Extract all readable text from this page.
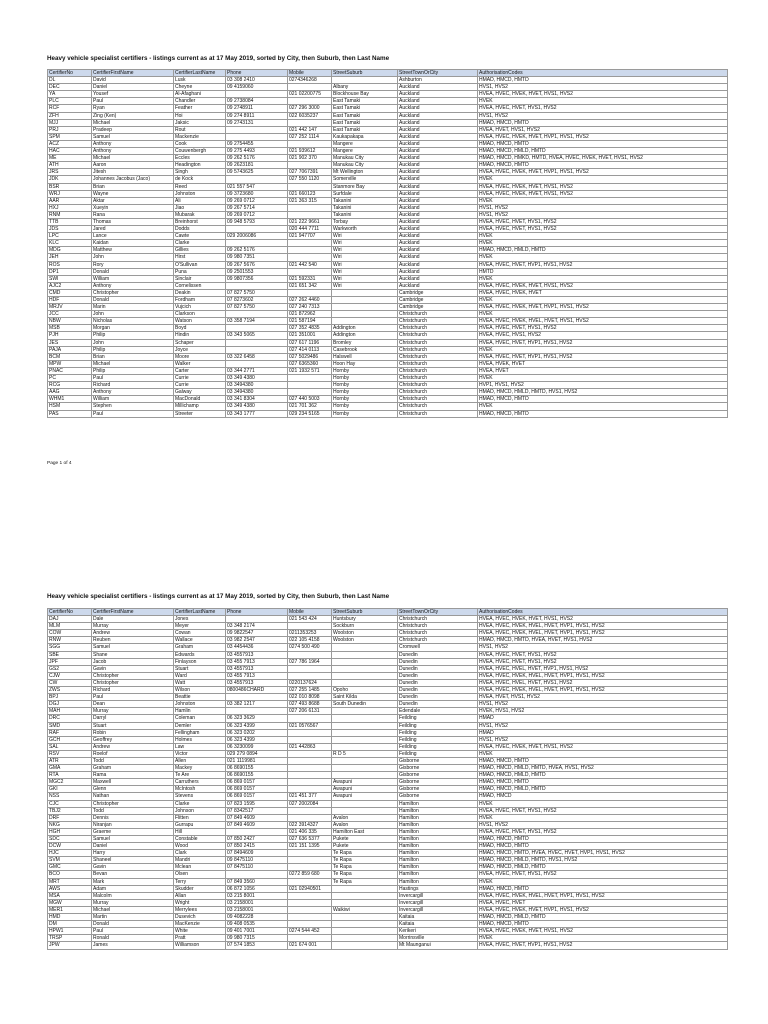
Heavy vehicle specialist certifiers - listings current as at 17 May 2019, sorted by City, then Suburb, then Last Name
CertifierNo	CertifierFirstName	CertifierLastName	Phone	Mobile	StreetSuburb	StreetTownOrCity	AuthorisationCodes
DL	David	Lusk	03 308 2410	0274346268		Ashburton	HMAD, HMCD, HMTD
DEC	Daniel	Cheyne	09 4159060		Albany	Auckland	HVS1, HVS2
YA	Yousef	Al-Afaghani		021 02200775	Blockhouse Bay	Auckland	HVEA, HVEC, HVEK, HVET, HVS1, HVS2
PLC	Paul	Chandler	09 2738084		East Tamaki	Auckland	HVEK
RCF	Ryan	Feather	09 2748911	027 296 3000	East Tamaki	Auckland	HVEA, HVEC, HVET, HVS1, HVS2
ZFH	Zing (Ken)	Hoi	09 274 8911	022 6035237	East Tamaki	Auckland	HVS1, HVS2
MJJ	Michael	Jaksic	09 2743131		East Tamaki	Auckland	HMAD, HMCD, HMTD
PRJ	Pradeep	Rout		021 442 147	East Tamaki	Auckland	HVEA, HVET, HVS1, HVS2
SPM	Samuel	Mackenzie		027 252 1114	Kaukapakapa	Auckland	HVEA, HVEC, HVEK, HVET, HVP1, HVS1, HVS2
ACZ	Anthony	Cook	09 2754455		Mangere	Auckland	HMAD, HMCD, HMTD
HAC	Anthony	Couwenbergh	09 275 4493	021 939612	Mangere	Auckland	HMAD, HMCD, HMLD, HMTD
ME	Michael	Eccles	09 262 5176	021 902 370	Manukau City	Auckland	HMAD, HMCD, HMKD, HMTD, HVEA, HVEC, HVEK, HVET, HVS1, HVS2
ATH	Aaron	Headington	09 2623181		Manukau City	Auckland	HMAD, HMCD, HMTD
JRS	Jitesh	Singh	09 5743625	027 7067391	Mt Wellington	Auckland	HVEA, HVEC, HVEK, HVET, HVP1, HVS1, HVS2
JDK	Johannes Jacobus (Jaco)	de Kock		027 550 1120	Somerville	Auckland	HVEK
BSR	Brian	Reed	021 557 547		Stanmore Bay	Auckland	HVEA, HVEC, HVEK, HVET, HVS1, HVS2
WRJ	Wayne	Johnston	09 3723680	021 660123	Surfdale	Auckland	HVEA, HVEC, HVEK, HVET, HVS1, HVS2
AAR	Aktar	Ali	09 269 0712	021 363 315	Takanini	Auckland	HVEK
HXJ	Xueyin	Jiao	09 267 5714		Takanini	Auckland	HVS1, HVS2
RNM	Rana	Mubarak	09 269 0712		Takanini	Auckland	HVS1, HVS2
TTB	Thomas	Breinhorst	09 948 5793	021 222 9661	Torbay	Auckland	HVEA, HVEC, HVET, HVS1, HVS2
JDS	Jared	Dodds		020 444 7711	Warkworth	Auckland	HVEA, HVEC, HVET, HVS1, HVS2
LPC	Lance	Cawte	029 2006086	021 947707	Wiri	Auckland	HVEK
KLC	Kaidan	Clarke			Wiri	Auckland	HVEK
MDG	Matthew	Gillies	09 262 5176		Wiri	Auckland	HMAD, HMCD, HMLD, HMTD
JEH	John	Hirst	09 980 7351		Wiri	Auckland	HVEK
ROS	Rory	O'Sullivan	09 267 5676	021 442 540	Wiri	Auckland	HVEA, HVEC, HVET, HVP1, HVS1, HVS2
DP1	Donald	Puna	09 2501553		Wiri	Auckland	HMTD
SWI	William	Sinclair	09 9807356	021 592331	Wiri	Auckland	HVEK
AJC2	Anthony	Cornelissen		021 651 342	Wiri	Auckland	HVEA, HVEC, HVEK, HVET, HVS1, HVS2
CMD	Christopher	Deakin	07 827 5750			Cambridge	HVEA, HVEC, HVEK, HVET
HDF	Donald	Fordham	07 8273602	027 262 4460		Cambridge	HVEK
MRJV	Marin	Vujcich	07 827 5750	027 240 7313		Cambridge	HVEA, HVEC, HVEK, HVET, HVP1, HVS1, HVS2
JCC	John	Clarkson		021 872962		Christchurch	HVEK
NBW	Nicholas	Watson	03 358 7194	021 587194		Christchurch	HVEA, HVEC, HVEK, HVEL, HVET, HVS1, HVS2
MSB	Morgan	Boyd		027 352 4835	Addington	Christchurch	HVEA, HVEC, HVET, HVS1, HVS2
PJH	Philip	Hindin	03 343 5065	021 351001	Addington	Christchurch	HVEA, HVEC, HVS1, HVS2
JES	John	Schaper		027 617 1196	Bromley	Christchurch	HVEA, HVEC, HVET, HVP1, HVS1, HVS2
PAJA	Philip	Joyce		027 414 0113	Casebrook	Christchurch	HVEK
BCM	Brian	Moore	03 322 6458	027 5029486	Halswell	Christchurch	HVEA, HVEC, HVET, HVP1, HVS1, HVS2
MPW	Michael	Walker		027 6365360	Hoon Hay	Christchurch	HVEA, HVEK, HVET
PNAC	Philip	Carter	03 344 2771	021 1932 571	Hornby	Christchurch	HVEA, HVET
PC	Paul	Currie	03 349 4380		Hornby	Christchurch	HVEK
RCG	Richard	Currie	03 3494380		Hornby	Christchurch	HVP1, HVS1, HVS2
AAG	Anthony	Galway	03 3494380		Hornby	Christchurch	HMAD, HMCD, HMLD, HMTD, HVS1, HVS2
WHM1	William	MacDonald	03 341 8304	027 440 5003	Hornby	Christchurch	HMAD, HMCD, HMTD
HSM	Stephen	Millichamp	03 349 4380	021 701 362	Hornby	Christchurch	HVEK
PAS	Paul	Streeter	03 343 1777	029 234 5165	Hornby	Christchurch	HMAD, HMCD, HMTD
Page 1 of 4
Heavy vehicle specialist certifiers - listings current as at 17 May 2019, sorted by City, then Suburb, then Last Name
CertifierNo	CertifierFirstName	CertifierLastName	Phone	Mobile	StreetSuburb	StreetTownOrCity	AuthorisationCodes
DAJ	Dale	Jones		021 543 424	Huntsbury	Christchurch	HVEA, HVEC, HVEK, HVET, HVS1, HVS2
MLM	Murray	Meyer	03 348 2174		Sockburn	Christchurch	HVEA, HVEC, HVEK, HVEL, HVET, HVP1, HVS1, HVS2
COW	Andrew	Cowan	09 9822547	0211353253	Woolston	Christchurch	HVEA, HVEC, HVEK, HVEL, HVET, HVP1, HVS1, HVS2
RNW	Reuben	Wallace	03 982 2547	022 105 4158	Woolston	Christchurch	HMAD, HMCD, HMTD, HVEA, HVET, HVS1, HVS2
SGG	Samuel	Graham	03 4454436	0274 500 490		Cromwell	HVS1, HVS2
SBE	Shane	Edwards	03 4557913			Dunedin	HVEA, HVEC, HVET, HVS1, HVS2
JPF	Jacob	Finlayson	03 455 7913	027 786 1964		Dunedin	HVEA, HVEC, HVET, HVS1, HVS2
GS2	Gavin	Stuart	03 4557913			Dunedin	HVEA, HVEC, HVEL, HVET, HVP1, HVS1, HVS2
CJW	Christopher	Ward	03 455 7913			Dunedin	HVEA, HVEC, HVEK, HVEL, HVET, HVP1, HVS1, HVS2
CW	Christopher	Watt	03 4557913	0220137624		Dunedin	HVEA, HVEC, HVEL, HVET, HVS1, HVS2
ZWS	Richard	Wilson	0800486CHARD	027 255 1485	Opoho	Dunedin	HVEA, HVEC, HVEK, HVEL, HVET, HVP1, HVS1, HVS2
BPJ	Paul	Beattie		022 010 8098	Saint Kilda	Dunedin	HVEA, HVET, HVS1, HVS2
DGJ	Dean	Johnston	03 382 1217	027 493 8688	South Dunedin	Dunedin	HVS1, HVS2
MAH	Murray	Hamlin		027 206 6131		Edendale	HVEK, HVS1, HVS2
DRC	Darryl	Coleman	06 323 3629			Feilding	HMAD
SMD	Stuart	Demler	06 323 4399	021 0576567		Feilding	HVS1, HVS2
RAF	Robin	Fellingham	06 323 0202			Feilding	HMAD
GCH	Geoffrey	Holmes	06 323 4399			Feilding	HVS1, HVS2
SAL	Andrew	Law	06 3230099	021 442863		Feilding	HVEA, HVEC, HVEK, HVET, HVS1, HVS2
RSV	Roelof	Victor	029 279 0894		R D 5	Feilding	HVEK
ATR	Todd	Allen	021 1119981			Gisborne	HMAD, HMCD, HMTD
GMA	Graham	Mackey	06 8690155			Gisborne	HMAD, HMCD, HMLD, HMTD, HVEA, HVS1, HVS2
RTA	Rama	Te Are	06 8690155			Gisborne	HMAD, HMCD, HMLD, HMTD
MGC2	Maxwell	Carruthers	06 869 0157		Awapuni	Gisborne	HMAD, HMCD, HMTD
GKI	Glenn	McIntosh	06 869 0157		Awapuni	Gisborne	HMAD, HMCD, HMLD, HMTD
NSS	Nathan	Stevens	06 869 0157	021 451 377	Awapuni	Gisborne	HMAD, HMCD
CJC	Christopher	Clarke	07 823 1595	027 2002084		Hamilton	HVEK
TBJ2	Todd	Johnson	07 8342517			Hamilton	HVEA, HVEC, HVET, HVS1, HVS2
DRF	Dennis	Flitten	07 849 4609		Avalon	Hamilton	HVEK
NKG	Niranjan	Gurrapu	07 849 4609	022 3914327	Avalon	Hamilton	HVS1, HVS2
HGH	Graeme	Hill		021 406 335	Hamilton East	Hamilton	HVEA, HVEC, HVET, HVS1, HVS2
SDC	Samuel	Constable	07 850 2427	027 636 5377	Pukete	Hamilton	HMAD, HMCD, HMTD
DCW	Daniel	Wood	07 850 2415	021 151 1395	Pukete	Hamilton	HMAD, HMCD, HMTD
HJC	Harry	Clark	07 8494609		Te Rapa	Hamilton	HMAD, HMCD, HMTD, HVEA, HVEC, HVET, HVP1, HVS1, HVS2
SVM	Shaneel	Mandri	09 8475110		Te Rapa	Hamilton	HMAD, HMCD, HMLD, HMTD, HVS1, HVS2
GMC	Gavin	Mclean	07 8475110		Te Rapa	Hamilton	HMAD, HMCD, HMLD, HMTD
BCO	Bevan	Olsen		0272 859 680	Te Rapa	Hamilton	HVEA, HVEC, HVET, HVS1, HVS2
MRT	Mark	Terry	07 849 3560		Te Rapa	Hamilton	HVEK
AWS	Adam	Skudder	06 872 1056	021 02940501		Hastings	HMAD, HMCD, HMTD
MSA	Malcolm	Allan	03 215 8001			Invercargill	HVEA, HVEC, HVEK, HVEL, HVET, HVP1, HVS1, HVS2
MGW	Murray	Wright	03 2158001			Invercargill	HVEA, HVEC, HVET
MER1	Michael	Merrylees	03 2158001		Waikiwi	Invercargill	HVEA, HVEC, HVEK, HVET, HVP1, HVS1, HVS2
HMD	Martin	Dusevich	09 4082228			Kaitaia	HMAD, HMCD, HMLD, HMTD
DM	Donald	MacKenzie	09 408 0535			Kaitaia	HMAD, HMCD, HMTD
HPW1	Paul	White	09 401 7001	0274 544 452		Kerikeri	HVEA, HVEC, HVEK, HVET, HVS1, HVS2
TRSP	Ronald	Pratt	09 980 7315			Morrinsville	HVEK
JPW	James	Williamson	07 574 1853	021 674 001		Mt Maunganui	HVEA, HVEC, HVET, HVP1, HVS1, HVS2
